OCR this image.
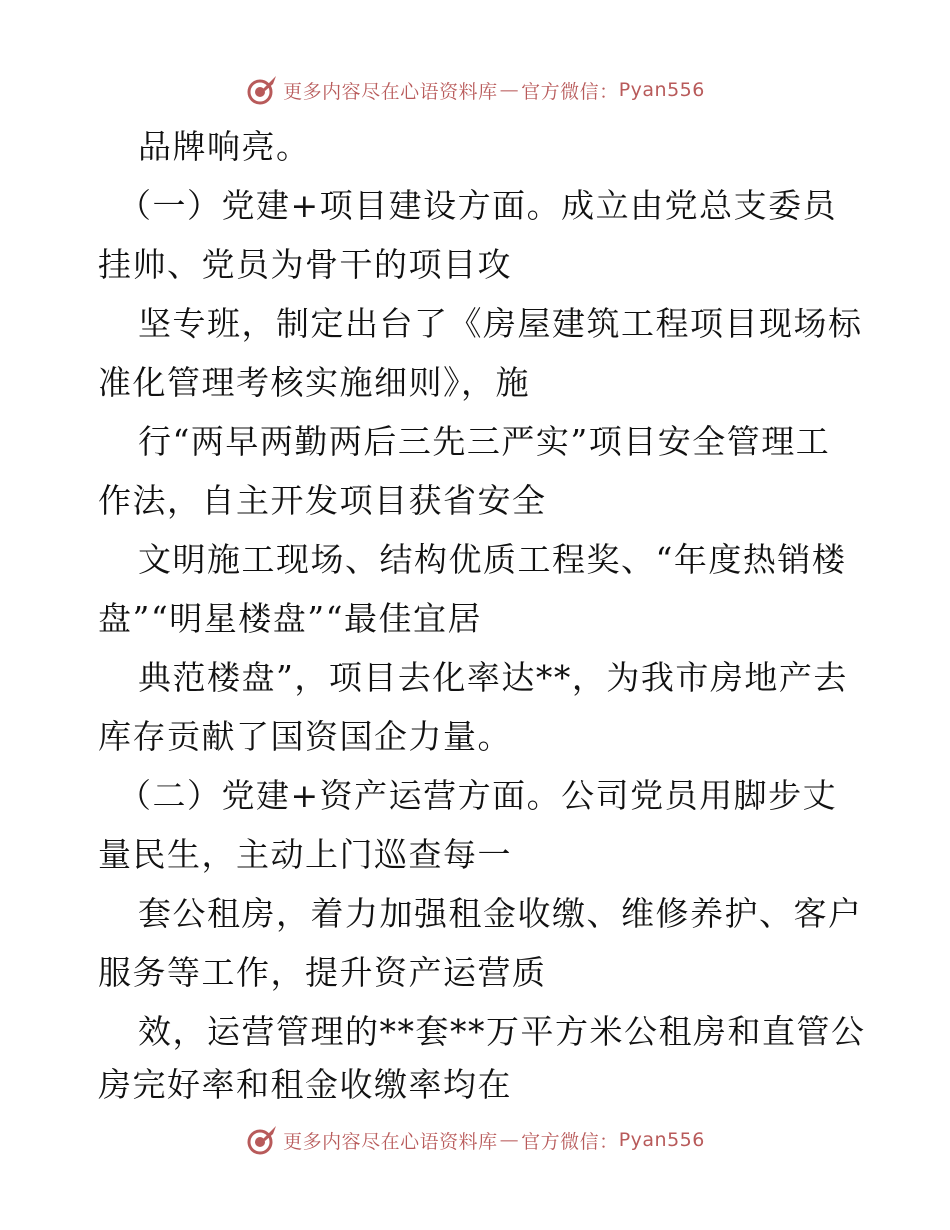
更多内容尽在心语资料库 — 官方微信： Pyan556
品牌响亮。
（一）党建+项目建设方面。成立由党总支委员
挂帅、党员为骨干的项目攻
坚专班，制定出台了《房屋建筑工程项目现场标
准化管理考核实施细则》，施
行“两早两勤两后三先三严实”项目安全管理工
作法，自主开发项目获省安全
文明施工现场、结构优质工程奖、“年度热销楼
盘”“明星楼盘”“最佳宜居
典范楼盘”，项目去化率达**，为我市房地产去
库存贡献了国资国企力量。
（二）党建+资产运营方面。公司党员用脚步丈
量民生，主动上门巡查每一
套公租房，着力加强租金收缴、维修养护、客户
服务等工作，提升资产运营质
效，运营管理的**套**万平方米公租房和直管公
房完好率和租金收缴率均在
更多内容尽在心语资料库 — 官方微信： Pyan556
